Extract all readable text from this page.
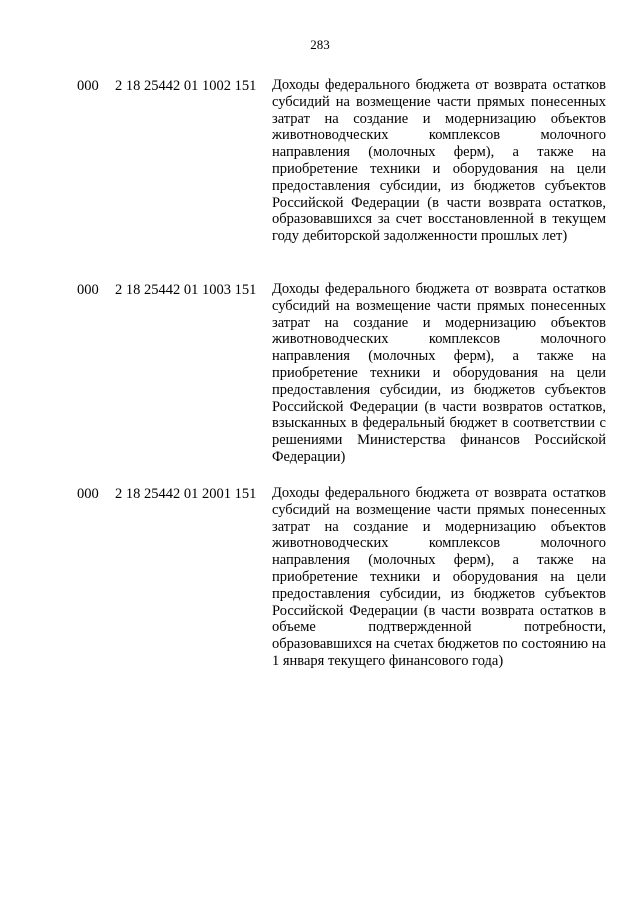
283
000 2 18 25442 01 1002 151 Доходы федерального бюджета от возврата остатков субсидий на возмещение части прямых понесенных затрат на создание и модернизацию объектов животноводческих комплексов молочного направления (молочных ферм), а также на приобретение техники и оборудования на цели предоставления субсидии, из бюджетов субъектов Российской Федерации (в части возврата остатков, образовавшихся за счет восстановленной в текущем году дебиторской задолженности прошлых лет)
000 2 18 25442 01 1003 151 Доходы федерального бюджета от возврата остатков субсидий на возмещение части прямых понесенных затрат на создание и модернизацию объектов животноводческих комплексов молочного направления (молочных ферм), а также на приобретение техники и оборудования на цели предоставления субсидии, из бюджетов субъектов Российской Федерации (в части возвратов остатков, взысканных в федеральный бюджет в соответствии с решениями Министерства финансов Российской Федерации)
000 2 18 25442 01 2001 151 Доходы федерального бюджета от возврата остатков субсидий на возмещение части прямых понесенных затрат на создание и модернизацию объектов животноводческих комплексов молочного направления (молочных ферм), а также на приобретение техники и оборудования на цели предоставления субсидии, из бюджетов субъектов Российской Федерации (в части возврата остатков в объеме подтвержденной потребности, образовавшихся на счетах бюджетов по состоянию на 1 января текущего финансового года)
